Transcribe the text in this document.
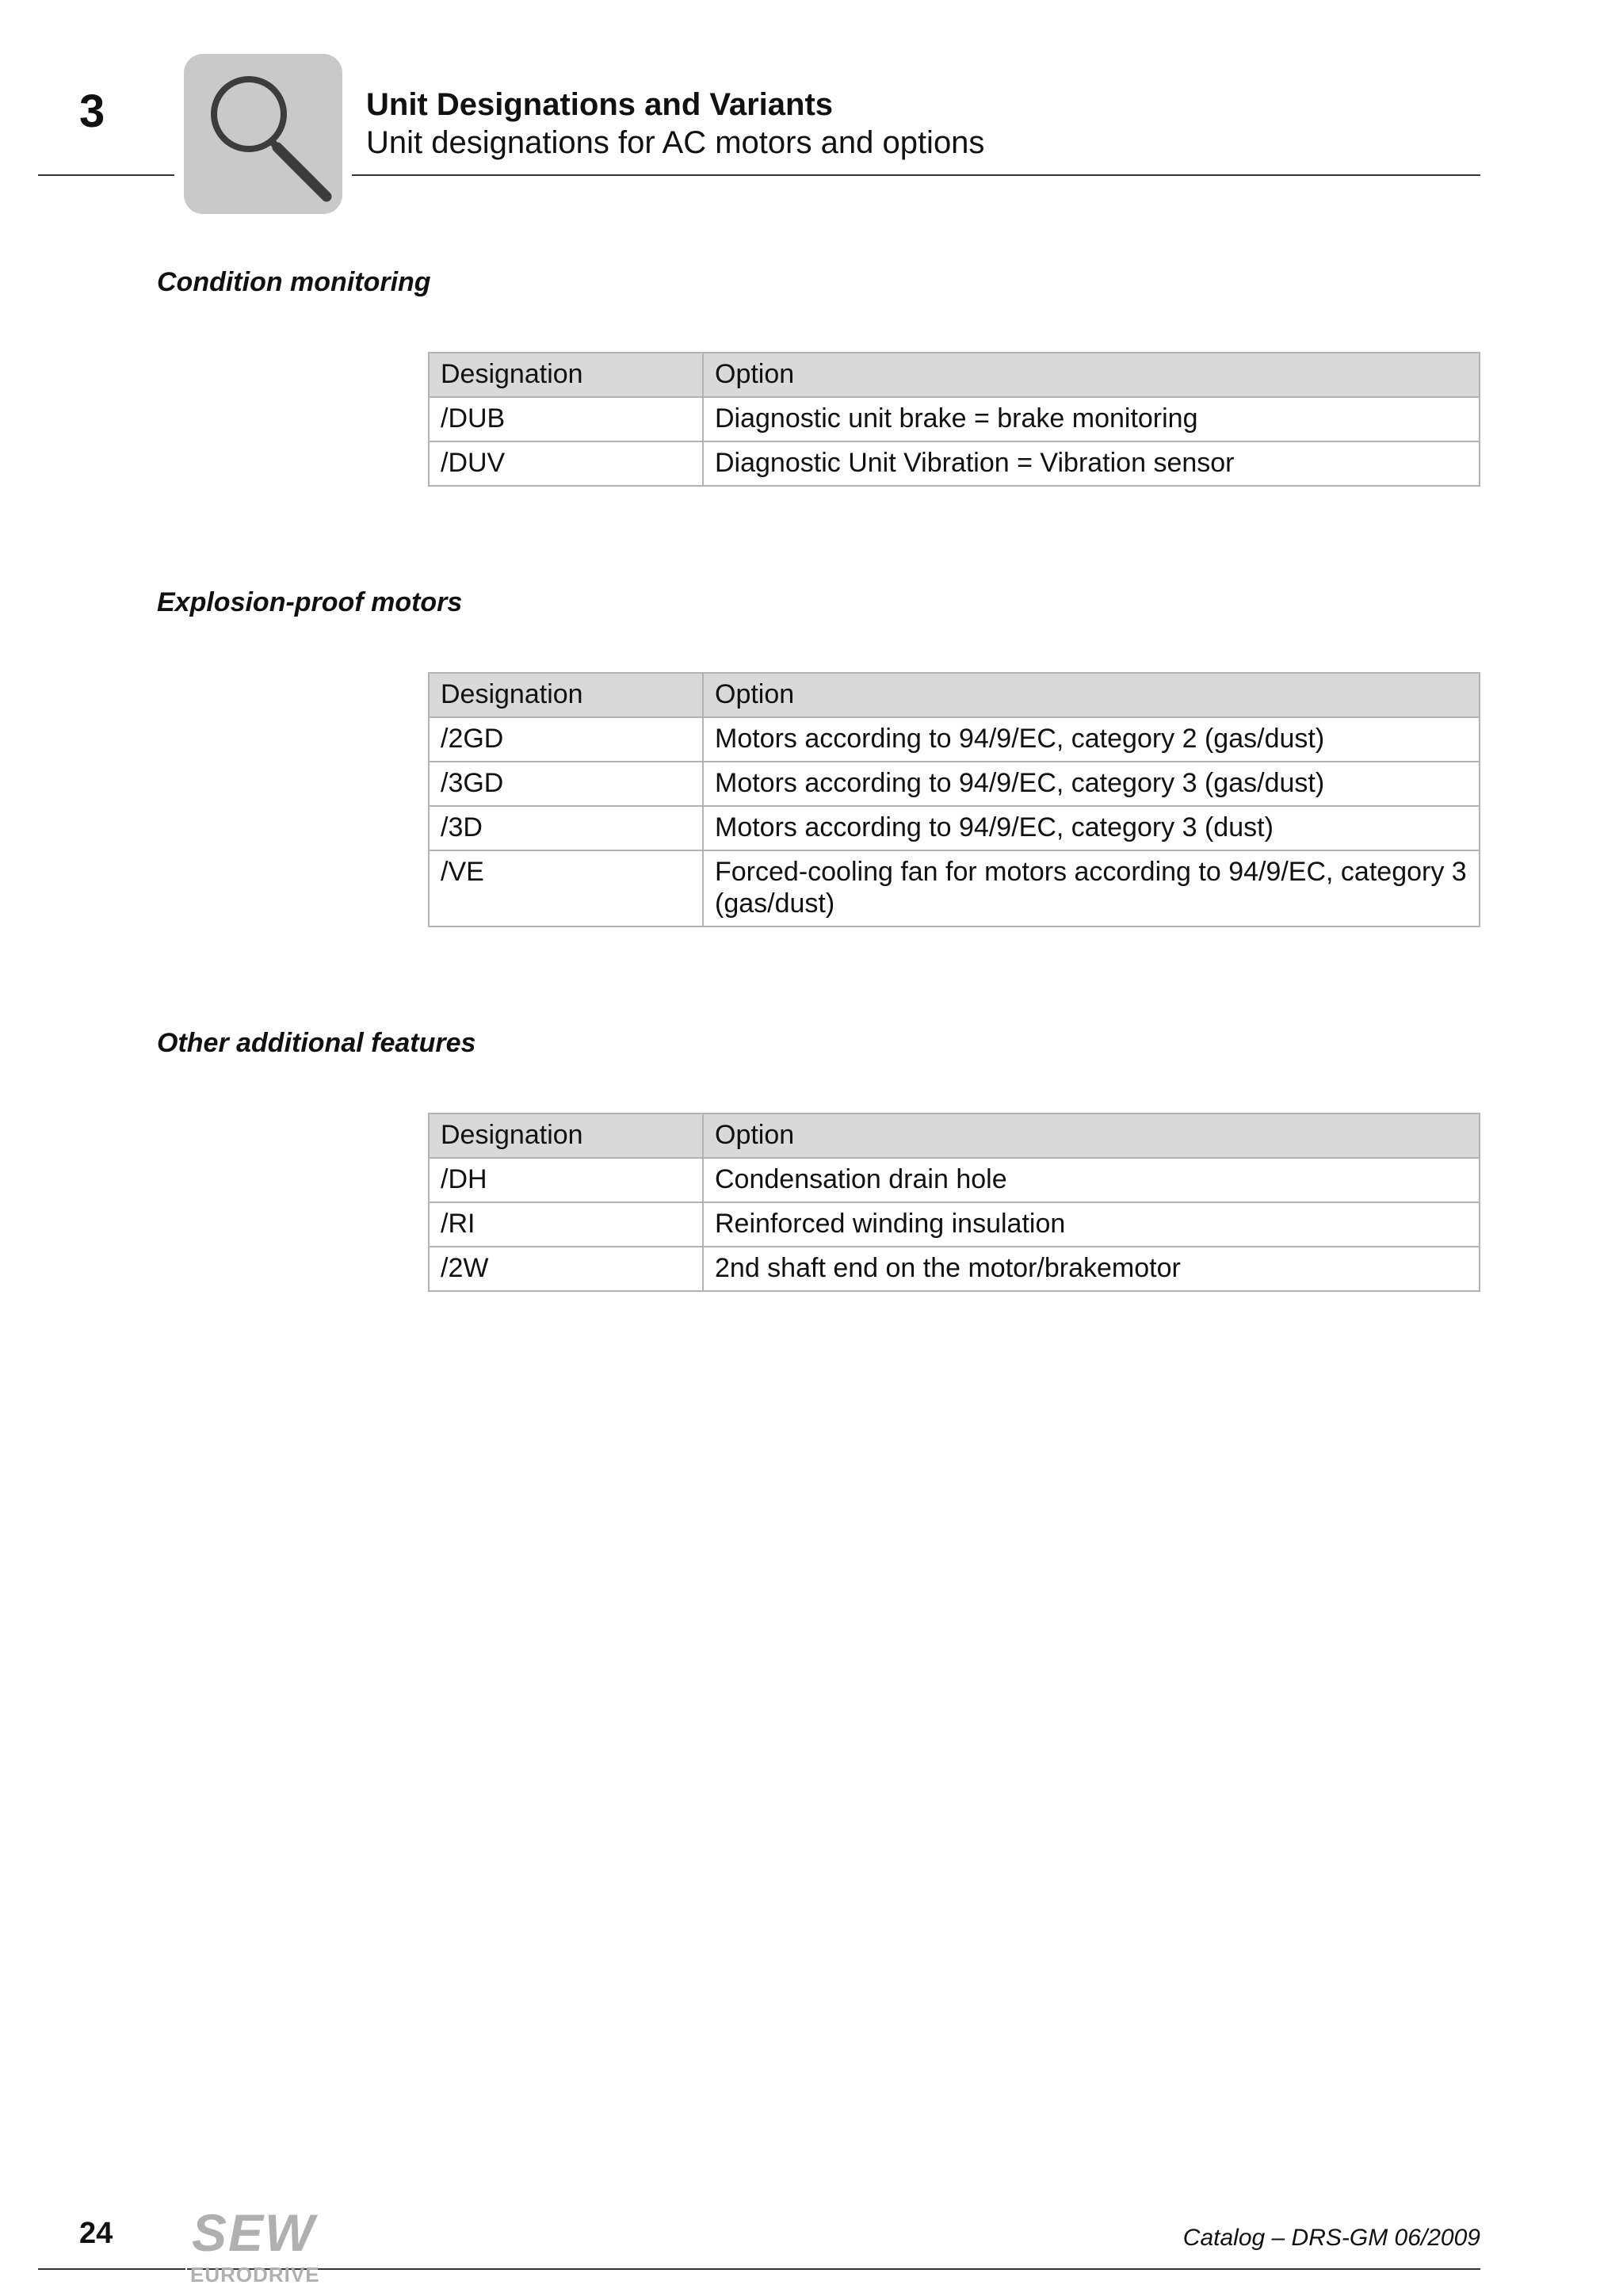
3	Unit Designations and Variants
Unit designations for AC motors and options
Condition monitoring
Designation	Option
/DUB	Diagnostic unit brake = brake monitoring
/DUV	Diagnostic Unit Vibration = Vibration sensor
Explosion-proof motors
Designation	Option
/2GD	Motors according to 94/9/EC, category 2 (gas/dust)
/3GD	Motors according to 94/9/EC, category 3 (gas/dust)
/3D	Motors according to 94/9/EC, category 3 (dust)
/VE	Forced-cooling fan for motors according to 94/9/EC, category 3 (gas/dust)
Other additional features
Designation	Option
/DH	Condensation drain hole
/RI	Reinforced winding insulation
/2W	2nd shaft end on the motor/brakemotor
24 SEW
EURODRIVE
Catalog – DRS-GM 06/2009
